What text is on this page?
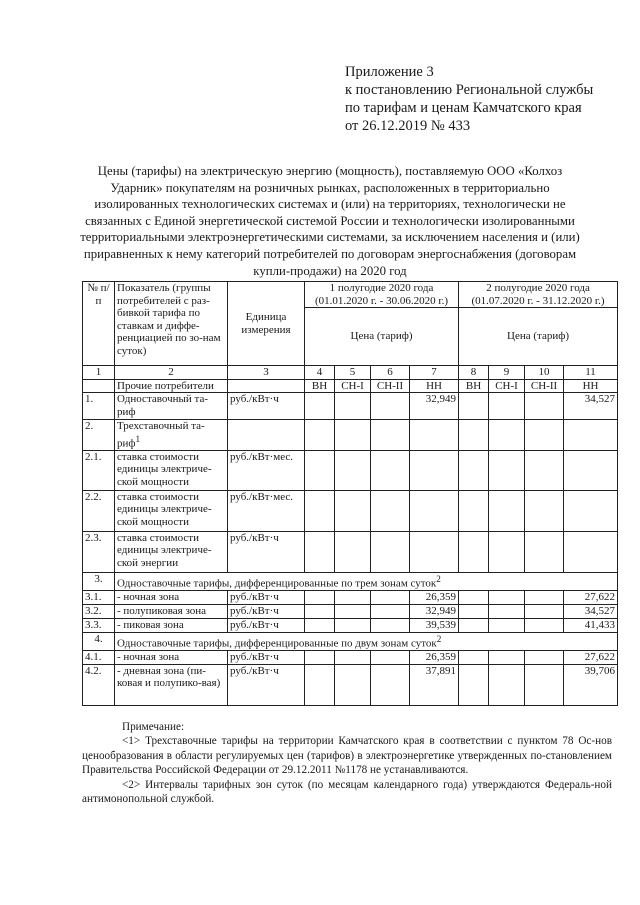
Приложение 3
к постановлению Региональной службы
по тарифам и ценам Камчатского края
от 26.12.2019 № 433
Цены (тарифы) на электрическую энергию (мощность), поставляемую ООО «Колхоз
Ударник» покупателям на розничных рынках, расположенных в территориально
изолированных технологических системах и (или) на территориях, технологически не
связанных с Единой энергетической системой России и технологически изолированными
территориальными электроэнергетическими системами, за исключением населения и (или)
приравненных к нему категорий потребителей по договорам энергоснабжения (договорам
купли-продажи) на 2020 год
№ п/п	Показатель (группы потребителей с раз-бивкой тарифа по ставкам и диффе-ренциацией по зо-нам суток)	Единица измерения	1 полугодие 2020 года (01.01.2020 г. - 30.06.2020 г.)				2 полугодие 2020 года (01.07.2020 г. - 31.12.2020 г.)			
			Цена (тариф)				Цена (тариф)			
1	2	3	4	5	6	7	8	9	10	11
	Прочие потребители		ВН	СН-I	СН-II	НН	ВН	СН-I	СН-II	НН
1.	Одноставочный та-риф	руб./кВт·ч				32,949				34,527
2.	Трехставочный та-риф$^1$									
2.1.	ставка стоимости единицы электриче-ской мощности	руб./кВт·мес.								
2.2.	ставка стоимости единицы электриче-ской мощности	руб./кВт·мес.								
2.3.	ставка стоимости единицы электриче-ской энергии	руб./кВт·ч								
3.	Одноставочные тарифы, дифференцированные по трем зонам суток$^2$
3.1.	- ночная зона	руб./кВт·ч				26,359				27,622
3.2.	- полупиковая зона	руб./кВт·ч				32,949				34,527
3.3.	- пиковая зона	руб./кВт·ч				39,539				41,433
4.	Одноставочные тарифы, дифференцированные по двум зонам суток$^2$
4.1.	- ночная зона	руб./кВт·ч				26,359				27,622
4.2.	- дневная зона (пи-ковая и полупико-вая)	руб./кВт·ч				37,891				39,706

Примечание:

<1> Трехставочные тарифы на территории Камчатского края в соответствии с пунктом 78 Ос-нов ценообразования в области регулируемых цен (тарифов) в электроэнергетике утвержденных по-становлением Правительства Российской Федерации от 29.12.2011 №1178 не устанавливаются.

<2> Интервалы тарифных зон суток (по месяцам календарного года) утверждаются Федераль-ной антимонопольной службой.
